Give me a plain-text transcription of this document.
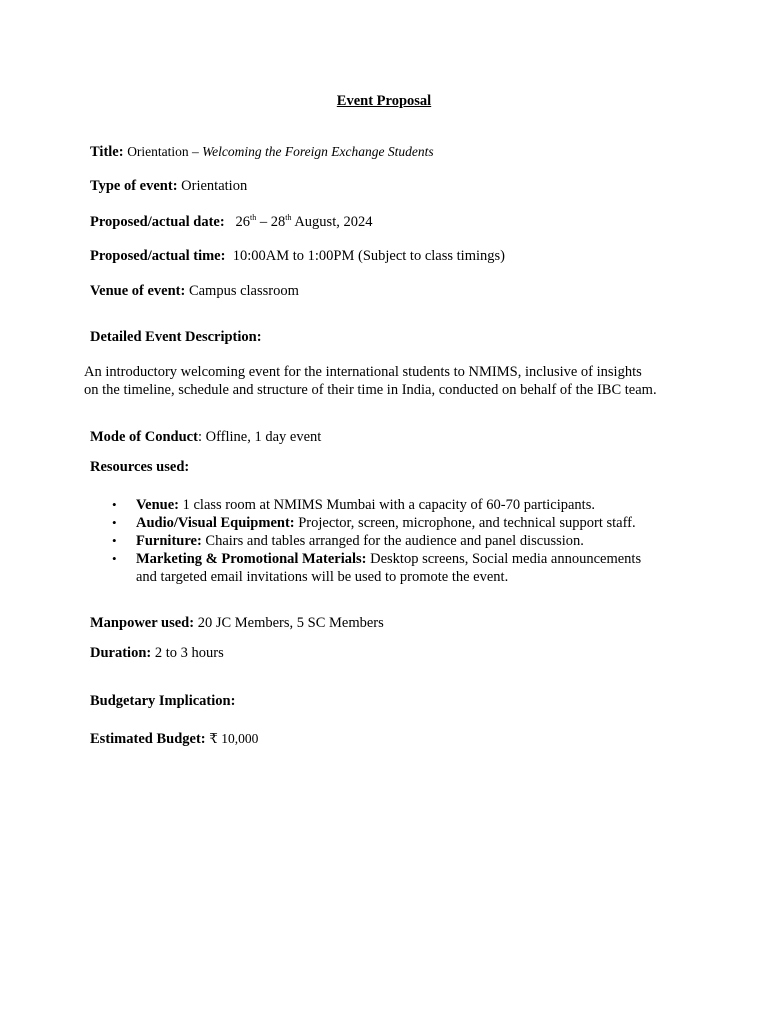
Event Proposal
Title: Orientation – Welcoming the Foreign Exchange Students
Type of event: Orientation
Proposed/actual date: 26th – 28th August, 2024
Proposed/actual time: 10:00AM to 1:00PM (Subject to class timings)
Venue of event: Campus classroom
Detailed Event Description:
An introductory welcoming event for the international students to NMIMS, inclusive of insights
on the timeline, schedule and structure of their time in India, conducted on behalf of the IBC team.
Mode of Conduct: Offline, 1 day event
Resources used:
• Venue: 1 class room at NMIMS Mumbai with a capacity of 60-70 participants.
• Audio/Visual Equipment: Projector, screen, microphone, and technical support staff.
• Furniture: Chairs and tables arranged for the audience and panel discussion.
• Marketing & Promotional Materials: Desktop screens, Social media announcements
and targeted email invitations will be used to promote the event.
Manpower used: 20 JC Members, 5 SC Members
Duration: 2 to 3 hours
Budgetary Implication:
Estimated Budget: ₹ 10,000
